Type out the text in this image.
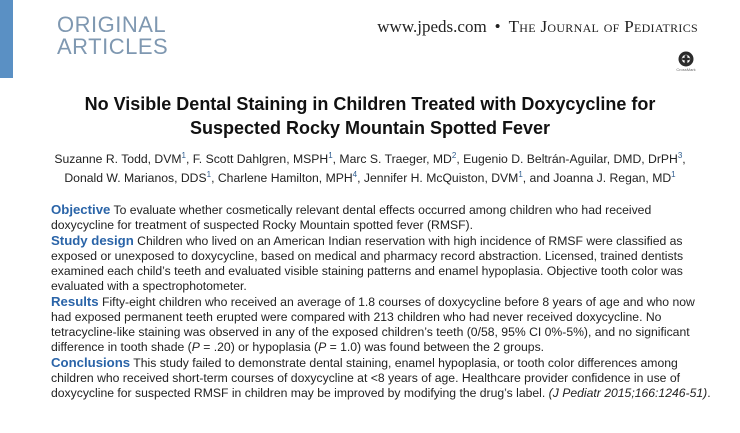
ORIGINAL
ARTICLES
www.jpeds.com • The Journal of Pediatrics
CrossMark
No Visible Dental Staining in Children Treated with Doxycycline for
Suspected Rocky Mountain Spotted Fever
Suzanne R. Todd, DVM$^1$, F. Scott Dahlgren, MSPH$^1$, Marc S. Traeger, $MD^2$, Eugenio D. Beltrán-Aguilar, DMD, DrPH$^3$,
Donald W. Marianos, DDS$^1$, Charlene Hamilton, MPH$^4$, Jennifer H. McQuiston, DVM$^1$, and Joanna J. Regan, $MD^1$

Objective To evaluate whether cosmetically relevant dental effects occurred among children who had received doxycycline for treatment of suspected Rocky Mountain spotted fever (RMSF).

Study design Children who lived on an American Indian reservation with high incidence of RMSF were classified as exposed or unexposed to doxycycline, based on medical and pharmacy record abstraction. Licensed, trained dentists examined each child’s teeth and evaluated visible staining patterns and enamel hypoplasia. Objective tooth color was evaluated with a spectrophotometer.

Results Fifty-eight children who received an average of 1.8 courses of doxycycline before 8 years of age and who now had exposed permanent teeth erupted were compared with 213 children who had never received doxycycline. No tetracycline-like staining was observed in any of the exposed children’s teeth (0/58, 95% CI 0%-5%), and no significant difference in tooth shade (P = .20) or hypoplasia (P = 1.0) was found between the 2 groups.

Conclusions This study failed to demonstrate dental staining, enamel hypoplasia, or tooth color differences among children who received short-term courses of doxycycline at <8 years of age. Healthcare provider confidence in use of doxycycline for suspected RMSF in children may be improved by modifying the drug’s label. (J Pediatr 2015;166:1246-51).
